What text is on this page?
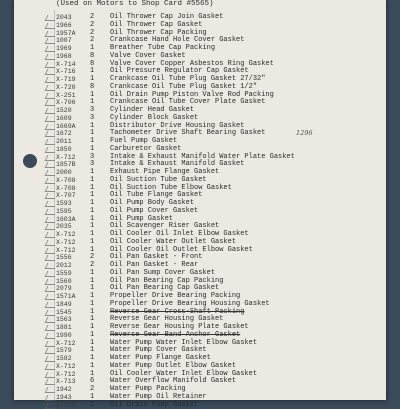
(Used on Motors to Shop Card #5565)
2043	2	Oil Thrower Cap Join Gasket
1966	2	Oil Thrower Cap Gasket
1957A	2	Oil Thrower Cap Packing
1007	2	Crankcase Hand Hole Cover Gasket
1969	1	Breather Tube Cap Packing
1968	8	Valve Cover Gasket
X-714	8	Valve Cover Copper Asbestos Ring Gasket
X-716	1	Oil Pressure Regulator Cap Gasket
X-719	1	Crankcase Oil Tube Plug Gasket 27/32"
X-720	8	Crankcase Oil Tube Plug Gasket 1/2"
X-251	1	Oil Drain Pump Piston Valve Rod Packing
X-706	1	Crankcase Oil Tube Cover Plate Gasket
1520	3	Cylinder Head Gasket
1609	3	Cylinder Block Gasket
1669A	1	Distributor Drive Housing Gasket
1672	1	Tachometer Drive Shaft Bearing Gasket	1296
2011	1	Fuel Pump Gasket
1850	1	Carburetor Gasket
X-712	3	Intake & Exhaust Manifold Water Plate Gasket
1857B	3	Intake & Exhaust Manifold Gasket
2000	1	Exhaust Pipe Flange Gasket
X-708	1	Oil Suction Tube Gasket
X-708	1	Oil Suction Tube Elbow Gasket
X-707	1	Oil Tube Flange Gasket
1593	1	Oil Pump Body Gasket
1595	1	Oil Pump Cover Gasket
1603A	1	Oil Pump Gasket
2035	1	Oil Scavenger Riser Gasket
X-712	1	Oil Cooler Oil Inlet Elbow Gasket
X-712	1	Oil Cooler Water Outlet Gasket
X-712	1	Oil Cooler Oil Outlet Elbow Gasket
1556	2	Oil Pan Gasket - Front
2012	2	Oil Pan Gasket - Rear
1559	1	Oil Pan Sump Cover Gasket
1560	1	Oil Pan Bearing Cap Packing
2079	1	Oil Pan Bearing Cap Gasket
1571A	1	Propeller Drive Bearing Packing
1849	1	Propeller Drive Bearing Housing Gasket
1545	1	Reverse Gear Cross-Shaft Packing
1563	1	Reverse Gear Housing Gasket
1881	1	Reverse Gear Housing Plate Gasket
1990	1	Reverse Gear Band Anchor Gasket
X-712	1	Water Pump Water Inlet Elbow Gasket
1579	1	Water Pump Cover Gasket
1582	1	Water Pump Flange Gasket
X-712	1	Water Pump Outlet Elbow Gasket
X-712	1	Oil Cooler Water Inlet Elbow Gasket
X-713	6	Water Overflow Manifold Gasket
1942	2	Water Pump Packing
1943	1	Water Pump Oil Retainer
X-709	2	Oil Drain Pump Gasket
